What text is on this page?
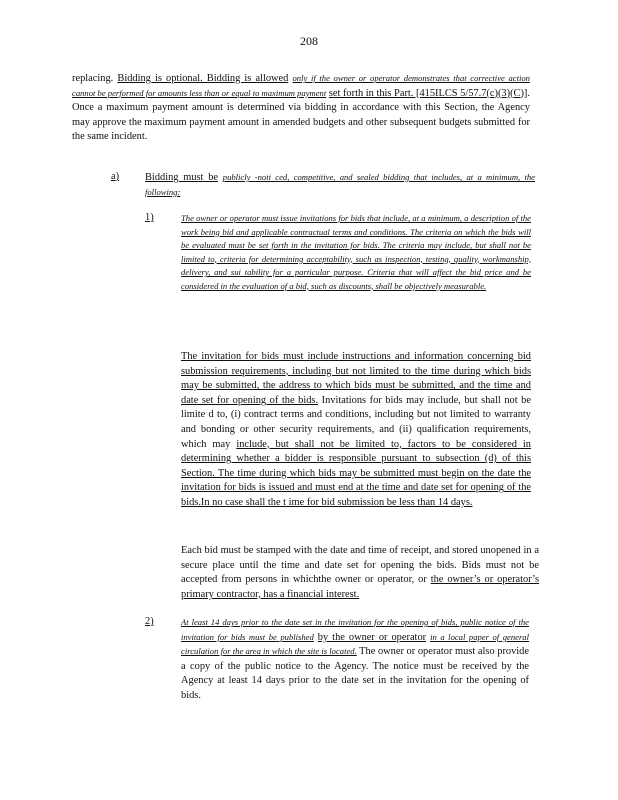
208
replacing. Bidding is optional. Bidding is allowed only if the owner or operator demonstrates that corrective action cannot be performed for amounts less than or equal to maximum payment set forth in this Part. [415ILCS 5/57.7(c)(3)(C)]. Once a maximum payment amount is determined via bidding in accordance with this Section, the Agency may approve the maximum payment amount in amended budgets and other subsequent budgets submitted for the same incident.
a) Bidding must be publicly -noti ced, competitive, and sealed bidding that includes, at a minimum, the following:
1)	The owner or operator must issue invitations for bids that include, at a minimum, a description of the work being bid and applicable contractual terms and conditions. The criteria on which the bids will be evaluated must be set forth in the invitation for bids. The criteria may include, but shall not be limited to, criteria for determining acceptability, such as inspection, testing, quality, workmanship, delivery, and sui tability for a particular purpose. Criteria that will affect the bid price and be considered in the evaluation of a bid, such as discounts, shall be objectively measurable.
The invitation for bids must include instructions and information concerning bid submission requirements, including but not limited to the time during which bids may be submitted, the address to which bids must be submitted, and the time and date set for opening of the bids. Invitations for bids may include, but shall not be limite d to, (i) contract terms and conditions, including but not limited to warranty and bonding or other security requirements, and (ii) qualification requirements, which may include, but shall not be limited to, factors to be considered in determining whether a bidder is responsible pursuant to subsection (d) of this Section. The time during which bids may be submitted must begin on the date the invitation for bids is issued and must end at the time and date set for opening of the bids.In no case shall the t ime for bid submission be less than 14 days.
Each bid must be stamped with the date and time of receipt, and stored unopened in a secure place until the time and date set for opening the bids. Bids must not be accepted from persons in whichthe owner or operator, or the owner’s or operator’s primary contractor, has a financial interest.
2)	At least 14 days prior to the date set in the invitation for the opening of bids, public notice of the invitation for bids must be published by the owner or operator in a local paper of general circulation for the area in which the site is located. The owner or operator must also provide a copy of the public notice to the Agency. The notice must be received by the Agency at least 14 days prior to the date set in the invitation for the opening of bids.
